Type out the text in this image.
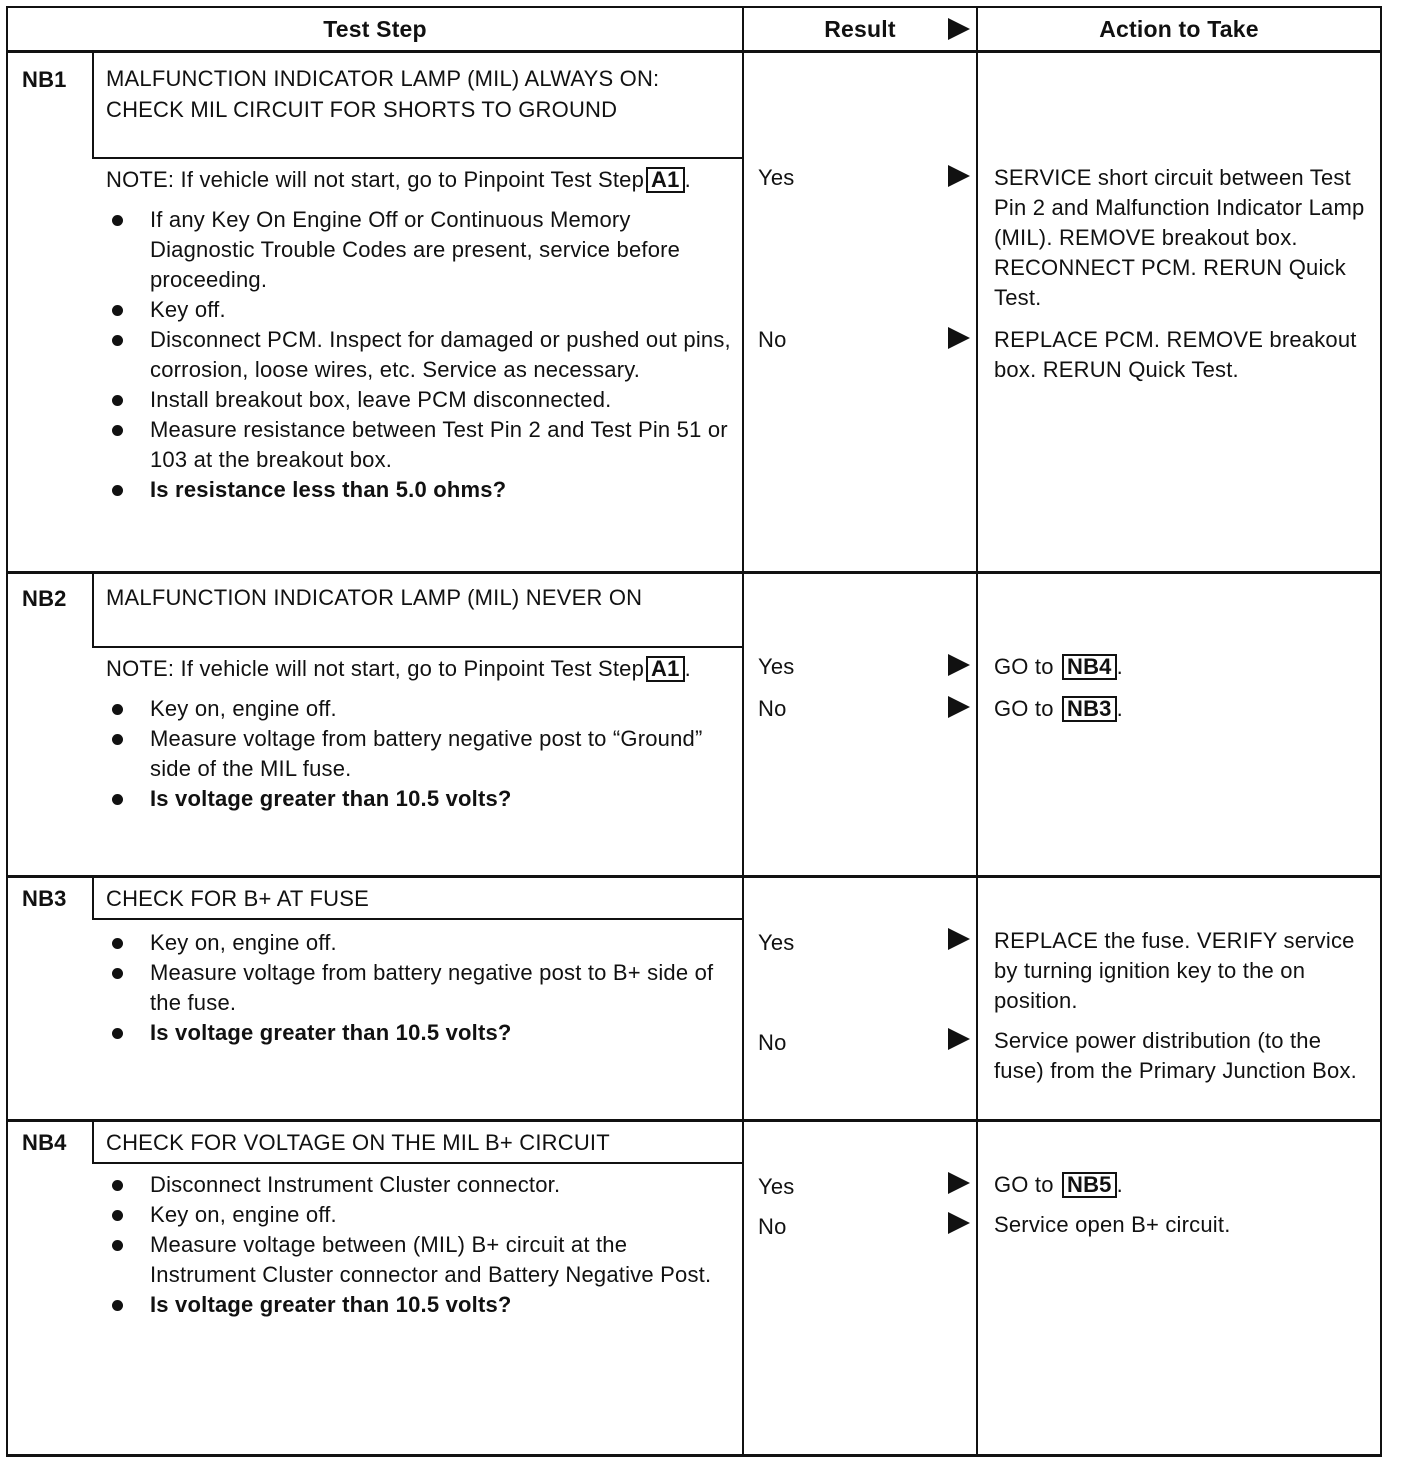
Test Step	Result	Action to Take
NB1 MALFUNCTION INDICATOR LAMP (MIL) ALWAYS ON: CHECK MIL CIRCUIT FOR SHORTS TO GROUND
NOTE: If vehicle will not start, go to Pinpoint Test Step A1 .
If any Key On Engine Off or Continuous Memory Diagnostic Trouble Codes are present, service before proceeding.
Key off.
Disconnect PCM. Inspect for damaged or pushed out pins, corrosion, loose wires, etc. Service as necessary.
Install breakout box, leave PCM disconnected.
Measure resistance between Test Pin 2 and Test Pin 51 or 103 at the breakout box.
Is resistance less than 5.0 ohms?
Yes	SERVICE short circuit between Test Pin 2 and Malfunction Indicator Lamp (MIL). REMOVE breakout box. RECONNECT PCM. RERUN Quick Test.
No	REPLACE PCM. REMOVE breakout box. RERUN Quick Test.
NB2 MALFUNCTION INDICATOR LAMP (MIL) NEVER ON
NOTE: If vehicle will not start, go to Pinpoint Test Step A1 .
Key on, engine off.
Measure voltage from battery negative post to “Ground” side of the MIL fuse.
Is voltage greater than 10.5 volts?
Yes	GO to NB4 .
No	GO to NB3 .
NB3 CHECK FOR B+ AT FUSE
Key on, engine off.
Measure voltage from battery negative post to B+ side of the fuse.
Is voltage greater than 10.5 volts?
Yes	REPLACE the fuse. VERIFY service by turning ignition key to the on position.
No	Service power distribution (to the fuse) from the Primary Junction Box.
NB4 CHECK FOR VOLTAGE ON THE MIL B+ CIRCUIT
Disconnect Instrument Cluster connector.
Key on, engine off.
Measure voltage between (MIL) B+ circuit at the Instrument Cluster connector and Battery Negative Post.
Is voltage greater than 10.5 volts?
Yes	GO to NB5 .
No	Service open B+ circuit.
